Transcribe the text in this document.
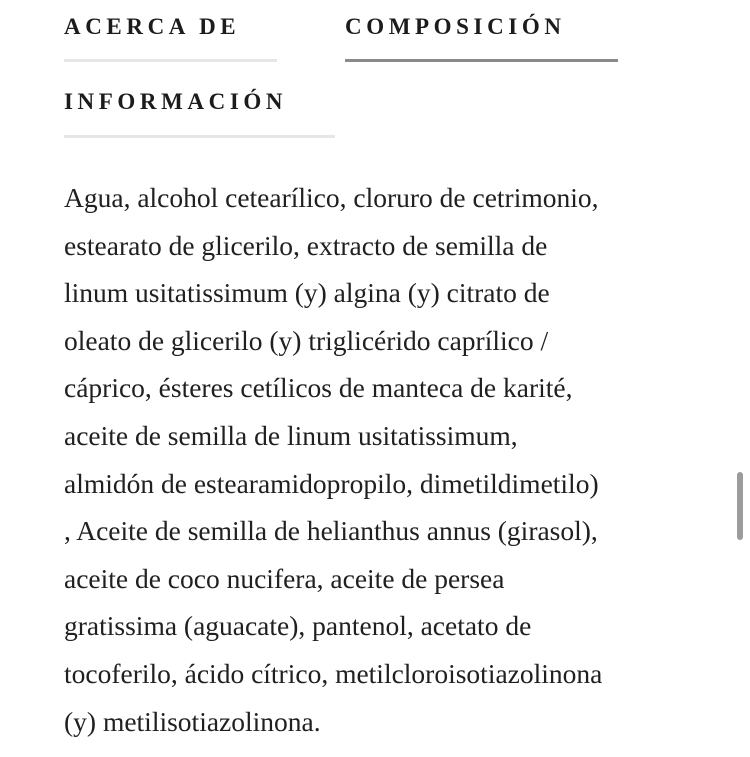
ACERCA DE	COMPOSICIÓN
INFORMACIÓN

Agua, alcohol cetearílico, cloruro de cetrimonio,
estearato de glicerilo, extracto de semilla de
linum usitatissimum (y) algina (y) citrato de
oleato de glicerilo (y) triglicérido caprílico /
cáprico, ésteres cetílicos de manteca de karité,
aceite de semilla de linum usitatissimum,
almidón de estearamidopropilo, dimetildimetilo)
, Aceite de semilla de helianthus annus (girasol),
aceite de coco nucifera, aceite de persea
gratissima (aguacate), pantenol, acetato de
tocoferilo, ácido cítrico, metilcloroisotiazolinona
(y) metilisotiazolinona.
